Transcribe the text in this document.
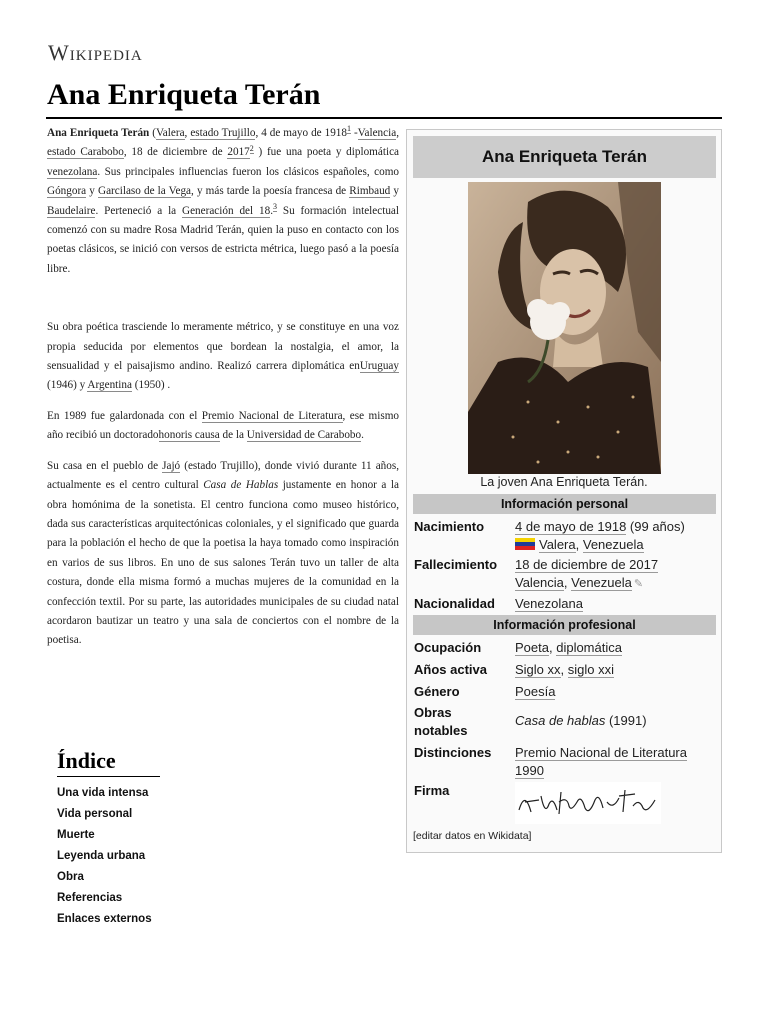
Wikipedia
Ana Enriqueta Terán

Ana Enriqueta Terán (Valera, estado Trujillo, 4 de mayo de 1918$^1$ -Valencia, estado Carabobo, 18 de diciembre de 2017$^2$ ) fue una poeta y diplomática venezolana. Sus principales influencias fueron los clásicos españoles, como Góngora y Garcilaso de la Vega, y más tarde la poesía francesa de Rimbaud y Baudelaire. Perteneció a la Generación del 18.$^3$ Su formación intelectual comenzó con su madre Rosa Madrid Terán, quien la puso en contacto con los poetas clásicos, se inició con versos de estricta métrica, luego pasó a la poesía libre.

Su obra poética trasciende lo meramente métrico, y se constituye en una voz propia seducida por elementos que bordean la nostalgia, el amor, la sensualidad y el paisajismo andino. Realizó carrera diplomática enUruguay (1946) y Argentina (1950) .

En 1989 fue galardonada con el Premio Nacional de Literatura, ese mismo año recibió un doctoradohonoris causa de la Universidad de Carabobo.

Su casa en el pueblo de Jajó (estado Trujillo), donde vivió durante 11 años, actualmente es el centro cultural Casa de Hablas justamente en honor a la obra homónima de la sonetista. El centro funciona como museo histórico, dada sus características arquitectónicas coloniales, y el significado que guarda para la población el hecho de que la poetisa la haya tomado como inspiración en varios de sus libros. En uno de sus salones Terán tuvo un taller de alta costura, donde ella misma formó a muchas mujeres de la comunidad en la confección textil. Por su parte, las autoridades municipales de su ciudad natal acordaron bautizar un teatro y una sala de conciertos con el nombre de la poetisa.

Ana Enriqueta Terán
La joven Ana Enriqueta Terán.
Información personal
Nacimiento 4 de mayo de 1918 (99 años)
Valera, Venezuela
Fallecimiento 18 de diciembre de 2017
Valencia, Venezuela ✎
Nacionalidad Venezolana
Información profesional
Ocupación	Poeta, diplomática
Años activa Siglo xx, siglo xxi
Género	Poesía
Obras
notables
Casa de hablas (1991)
Distinciones Premio Nacional de Literatura 1990
Firma
[editar datos en Wikidata]
Índice
Una vida intensa
Vida personal
Muerte
Leyenda urbana
Obra
Referencias
Enlaces externos
